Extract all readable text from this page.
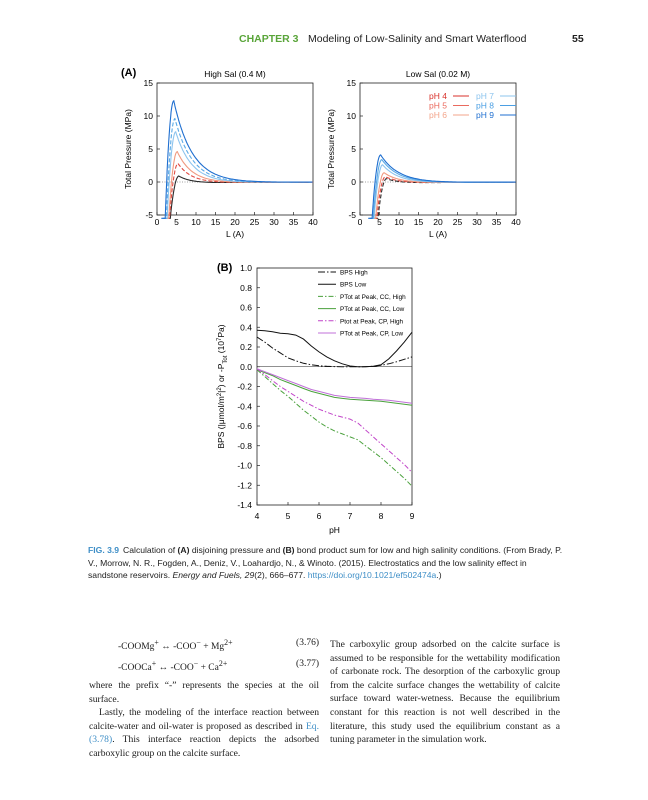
CHAPTER 3 Modeling of Low-Salinity and Smart Waterflood	55
(A)
(B)
High Sal (0.4 M)
0 5 10 15 20 25 30 35 40
-5
0
5
10
15
L (A)
Total Pressure (MPa)
Low Sal (0.02 M)
0 5 10 15 20 25 30 35 40
-5
0
5
10
15
L (A)
Total Pressure (MPa)
pH 4
pH 5
pH 6
pH 7
pH 8
pH 9
4	5	6	7	8	9
-1.4
-1.2
-1.0
-0.8
-0.6
-0.4
-0.2
0.0
0.2
0.4
0.6
0.8
1.0
pH
BPS $(|\mu mol/m^2|^2)$ or $-P_{Tot}$ $(10^7Pa)$
BPS High
BPS Low
PTot at Peak, CC, High
PTot at Peak, CC, Low
Ptot at Peak, CP, High
PTot at Peak, CP, Low
FIG. 3.9 Calculation of (A) disjoining pressure and (B) bond product sum for low and high salinity conditions. (From Brady, P. V., Morrow, N. R., Fogden, A., Deniz, V., Loahardjo, N., & Winoto. (2015). Electrostatics and the low salinity effect in sandstone reservoirs. Energy and Fuels, 29(2), 666–677. https://doi.org/10.1021/ef502474a.)
-COOMg+ ↔ $-COO^- + Mg^{2+}$	(3.76)
-COOCa+ ↔ $-COO^- + Ca^{2+}$	(3.77)
where the prefix “-” represents the species at the oil surface.
Lastly, the modeling of the interface reaction between calcite-water and oil-water is proposed as described in Eq. (3.78). This interface reaction depicts the adsorbed carboxylic group on the calcite surface.
The carboxylic group adsorbed on the calcite surface is assumed to be responsible for the wettability modification of carbonate rock. The desorption of the carboxylic group from the calcite surface changes the wettability of calcite surface toward water-wetness. Because the equilibrium constant for this reaction is not well described in the literature, this study used the equilibrium constant as a tuning parameter in the simulation work.
